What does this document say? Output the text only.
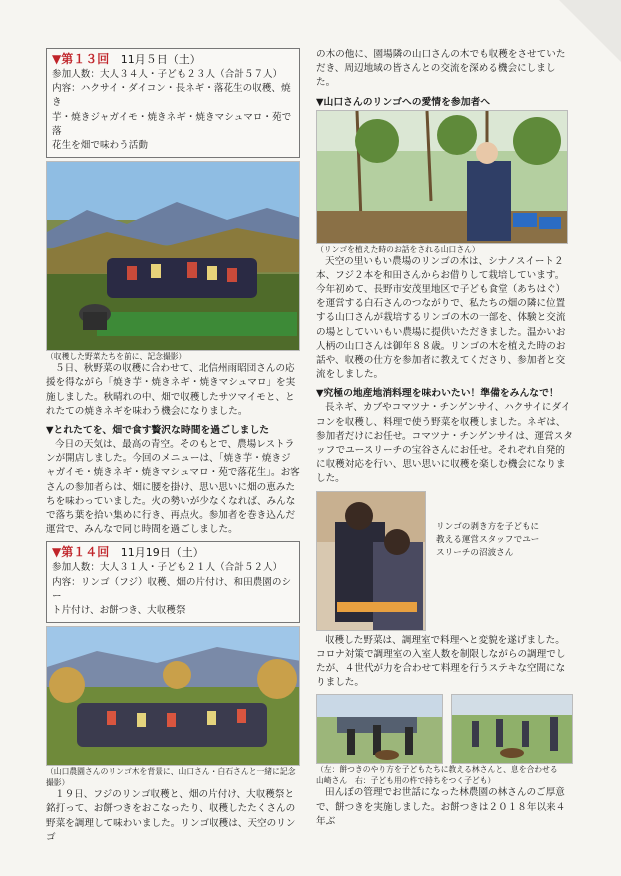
▼第１３回 11月５日（土）
参加人数：大人３４人・子ども２３人（合計５７人）
内容：ハクサイ・ダイコン・長ネギ・落花生の収穫、焼き
芋・焼きジャガイモ・焼きネギ・焼きマシュマロ・苑で落
花生を畑で味わう活動
（収穫した野菜たちを前に、記念撮影）

５日、秋野菜の収穫に合わせて、北信州雨昭団さんの応援を得ながら「焼き芋・焼きネギ・焼きマシュマロ」を実施しました。秋晴れの中、畑で収穫したサツマイモと、とれたての焼きネギを味わう機会になりました。

▼とれたてを、畑で食す贅沢な時間を過ごしました

今日の天気は、最高の青空。そのもとで、農場レストランが開店しました。今回のメニューは、「焼き芋・焼きジャガイモ・焼きネギ・焼きマシュマロ・苑で落花生」。お客さんの参加者らは、畑に腰を掛け、思い思いに畑の恵みたちを味わっていました。火の勢いが少なくなれば、みんなで落ち葉を拾い集めに行き、再点火。参加者を巻き込んだ運営で、みんなで同じ時間を過ごしました。

▼第１４回 11月19日（土）
参加人数：大人３１人・子ども２１人（合計５２人）
内容：リンゴ（フジ）収穫、畑の片付け、和田農園のシー
ト片付け、お餅つき、大収穫祭
（山口農園さんのリンゴ木を背景に、山口さん・白石さんと一緒に記念撮影）

１９日、フジのリンゴ収穫と、畑の片付け、大収穫祭と銘打って、お餅つきをおこなったり、収穫したたくさんの野菜を調理して味わいました。リンゴ収穫は、天空のリンゴ

の木の他に、園場隣の山口さんの木でも収穫をさせていただき、周辺地域の皆さんとの交流を深める機会にしました。
▼山口さんのリンゴへの愛情を参加者へ
（リンゴを植えた時のお話をされる山口さん）

天空の里いもい農場のリンゴの木は、シナノスイート２本、フジ２本を和田さんからお借りして栽培しています。今年初めて、長野市安茂里地区で子ども食堂（あちはぐ）を運営する白石さんのつながりで、私たちの畑の隣に位置する山口さんが栽培するリンゴの木の一部を、体験と交流の場としていいもい農場に提供いただきました。温かいお人柄の山口さんは御年８８歳。リンゴの木を植えた時のお話や、収穫の仕方を参加者に教えてくださり、参加者と交流をしました。

▼究極の地産地消料理を味わいたい！準備をみんなで！

長ネギ、カブやコマツナ・チンゲンサイ、ハクサイにダイコンを収穫し、料理で使う野菜を収穫しました。ネギは、参加者だけにお任せ。コマツナ・チンゲンサイは、運営スタッフでユースリーチの宝谷さんにお任せ。それぞれ自発的に収穫対応を行い、思い思いに収穫を楽しむ機会になりました。

リンゴの剥き方を子どもに
教える運営スタッフでユー
スリーチの沼波さん

収穫した野菜は、調理室で料理へと変貌を遂げました。コロナ対策で調理室の入室人数を制限しながらの調理でしたが、４世代が力を合わせて料理を行うステキな空間になりました。

（左：餅つきのやり方を子どもたちに教える林さんと、息を合わせる
山崎さん　右：子ども用の杵で持ちをつく子ども）

田んぼの管理でお世話になった林農園の林さんのご厚意で、餅つきを実施しました。お餅つきは２０１８年以来４年ぶ
